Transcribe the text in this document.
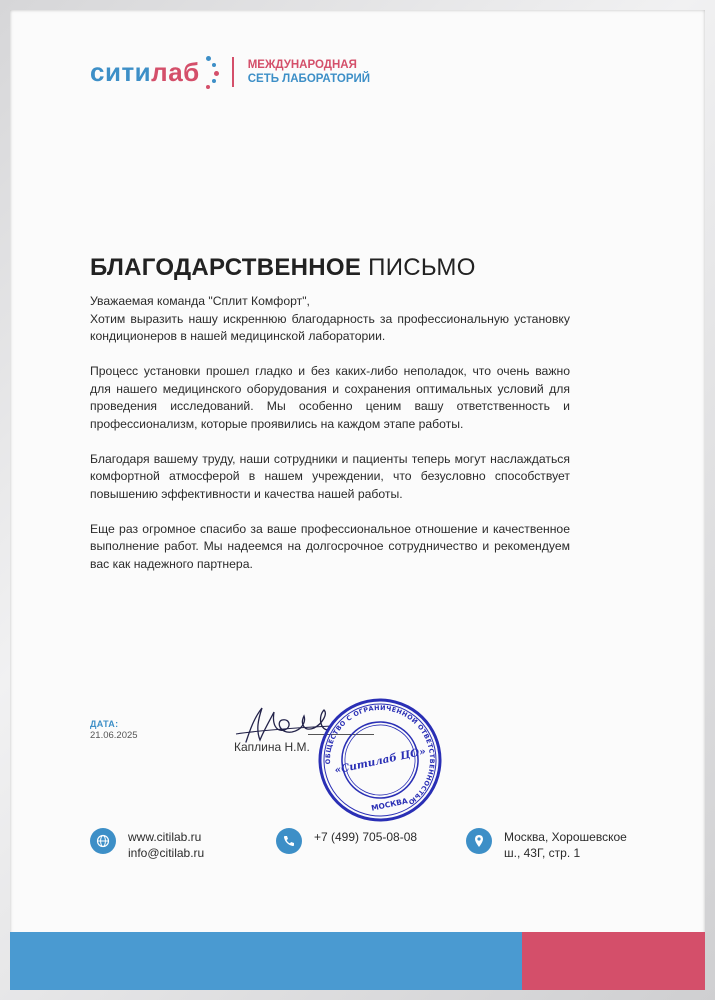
ситилаб	МЕЖДУНАРОДНАЯ
СЕТЬ ЛАБОРАТОРИЙ
БЛАГОДАРСТВЕННОЕ ПИСЬМО

Уважаемая команда "Сплит Комфорт",

Хотим выразить нашу искреннюю благодарность за профессиональную установку кондиционеров в нашей медицинской лаборатории.

Процесс установки прошел гладко и без каких-либо неполадок, что очень важно для нашего медицинского оборудования и сохранения оптимальных условий для проведения исследований. Мы особенно ценим вашу ответственность и профессионализм, которые проявились на каждом этапе работы.

Благодаря вашему труду, наши сотрудники и пациенты теперь могут наслаждаться комфортной атмосферой в нашем учреждении, что безусловно способствует повышению эффективности и качества нашей работы.

Еще раз огромное спасибо за ваше профессиональное отношение и качественное выполнение работ. Мы надеемся на долгосрочное сотрудничество и рекомендуем вас как надежного партнера.

ДАТА:
21.06.2025
Каплина Н.М.
ОБЩЕСТВО С ОГРАНИЧЕННОЙ ОТВЕТСТВЕННОСТЬЮ
«Ситилаб ЦО»
МОСКВА
www.citilab.ru
info@citilab.ru
+7 (499) 705-08-08	Москва, Хорошевское
ш., 43Г, стр. 1
